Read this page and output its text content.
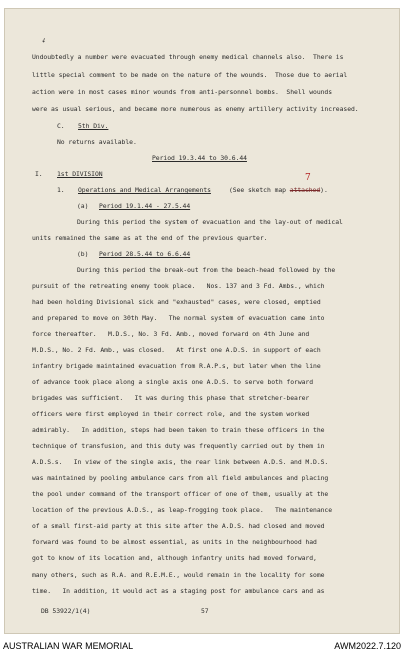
↙
Undoubtedly a number were evacuated through enemy medical channels also.  There is
little special comment to be made on the nature of the wounds.  Those due to aerial
action were in most cases minor wounds from anti-personnel bombs.  Shell wounds
were as usual serious, and became more numerous as enemy artillery activity increased.
C. 5th Div.
No returns available.
Period 19.3.44 to 30.6.44
I. 1st DIVISION
1. Operations and Medical Arrangements	(See sketch map attached).
7
(a) Period 19.1.44 - 27.5.44
During this period the system of evacuation and the lay-out of medical
units remained the same as at the end of the previous quarter.
(b) Period 28.5.44 to 6.6.44
During this period the break-out from the beach-head followed by the
pursuit of the retreating enemy took place.   Nos. 137 and 3 Fd. Ambs., which
had been holding Divisional sick and "exhausted" cases, were closed, emptied
and prepared to move on 30th May.   The normal system of evacuation came into
force thereafter.   M.D.S., No. 3 Fd. Amb., moved forward on 4th June and
M.D.S., No. 2 Fd. Amb., was closed.   At first one A.D.S. in support of each
infantry brigade maintained evacuation from R.A.P.s, but later when the line
of advance took place along a single axis one A.D.S. to serve both forward
brigades was sufficient.   It was during this phase that stretcher-bearer
officers were first employed in their correct role, and the system worked
admirably.   In addition, steps had been taken to train these officers in the
technique of transfusion, and this duty was frequently carried out by them in
A.D.S.s.   In view of the single axis, the rear link between A.D.S. and M.D.S.
was maintained by pooling ambulance cars from all field ambulances and placing
the pool under command of the transport officer of one of them, usually at the
location of the previous A.D.S., as leap-frogging took place.   The maintenance
of a small first-aid party at this site after the A.D.S. had closed and moved
forward was found to be almost essential, as units in the neighbourhood had
got to know of its location and, although infantry units had moved forward,
many others, such as R.A. and R.E.M.E., would remain in the locality for some
time.   In addition, it would act as a staging post for ambulance cars and as
DB 53922/1(4)	57
AUSTRALIAN WAR MEMORIAL	AWM2022.7.120
